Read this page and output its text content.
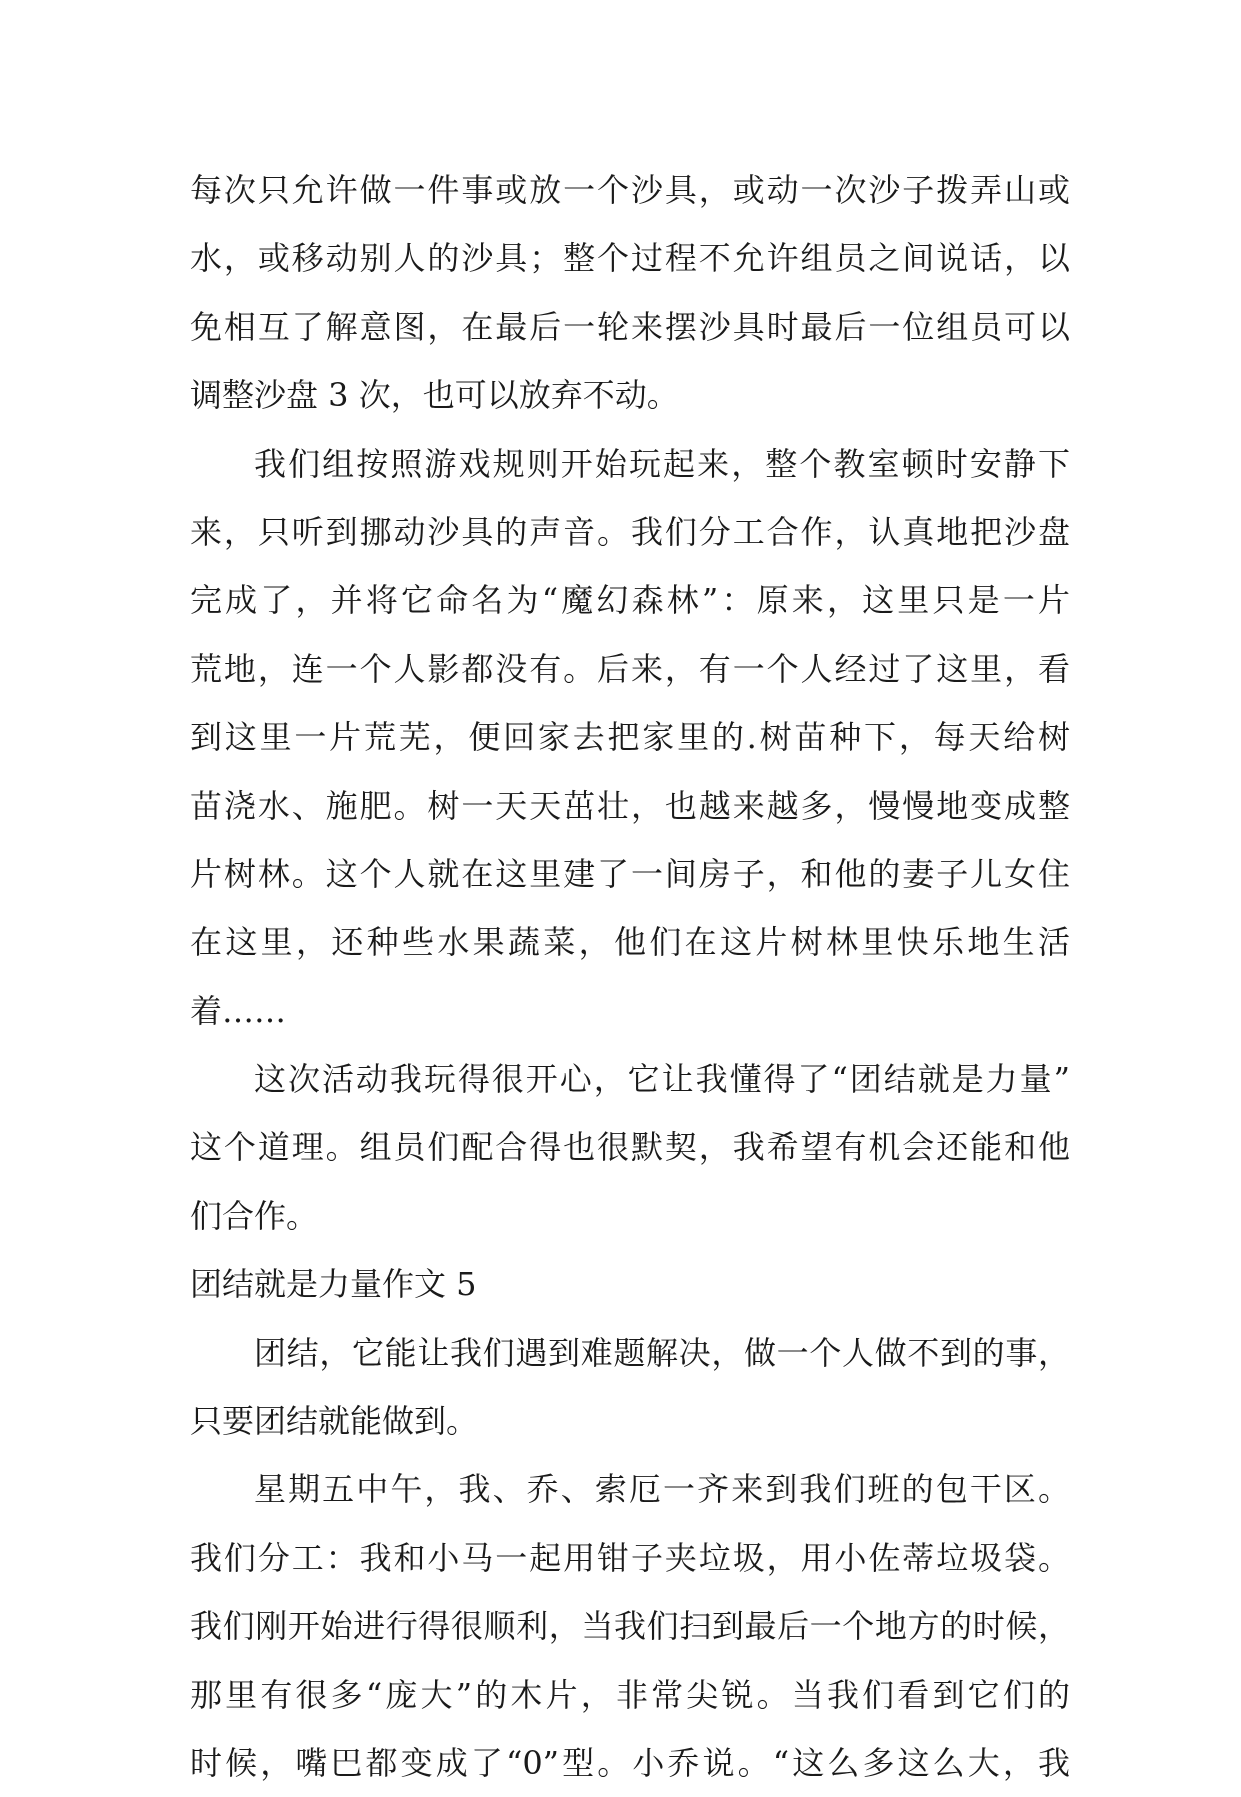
每次只允许做一件事或放一个沙具，或动一次沙子拨弄山或
水，或移动别人的沙具；整个过程不允许组员之间说话，以
免相互了解意图，在最后一轮来摆沙具时最后一位组员可以
调整沙盘 3 次，也可以放弃不动。
我们组按照游戏规则开始玩起来，整个教室顿时安静下
来，只听到挪动沙具的声音。我们分工合作，认真地把沙盘
完成了，并将它命名为“魔幻森林”：原来，这里只是一片
荒地，连一个人影都没有。后来，有一个人经过了这里，看
到这里一片荒芜，便回家去把家里的.树苗种下，每天给树
苗浇水、施肥。树一天天茁壮，也越来越多，慢慢地变成整
片树林。这个人就在这里建了一间房子，和他的妻子儿女住
在这里，还种些水果蔬菜，他们在这片树林里快乐地生活
着……
这次活动我玩得很开心，它让我懂得了“团结就是力量”
这个道理。组员们配合得也很默契，我希望有机会还能和他
们合作。
团结就是力量作文 5
团结，它能让我们遇到难题解决，做一个人做不到的事，
只要团结就能做到。
星期五中午，我、乔、索厄一齐来到我们班的包干区。
我们分工：我和小马一起用钳子夹垃圾，用小佐蒂垃圾袋。
我们刚开始进行得很顺利，当我们扫到最后一个地方的时候，
那里有很多“庞大”的木片，非常尖锐。当我们看到它们的
时候，嘴巴都变成了“0”型。小乔说。“这么多这么大，我
